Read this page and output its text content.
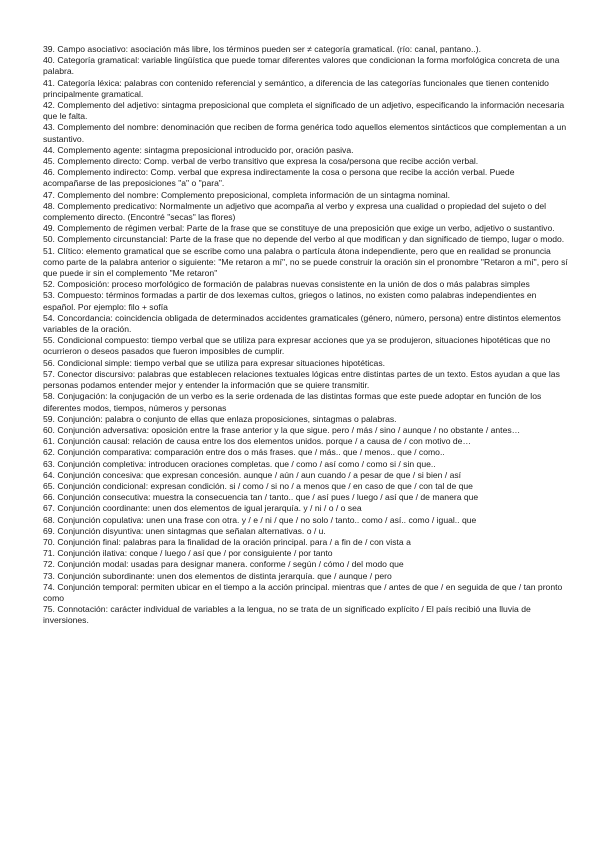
39. Campo asociativo: asociación más libre, los términos pueden ser ≠ categoría gramatical. (río: canal, pantano..).

40. Categoría gramatical: variable lingüística que puede tomar diferentes valores que condicionan la forma morfológica concreta de una palabra.

41. Categoría léxica: palabras con contenido referencial y semántico, a diferencia de las categorías funcionales que tienen contenido principalmente gramatical.

42. Complemento del adjetivo: sintagma preposicional que completa el significado de un adjetivo, especificando la información necesaria que le falta.

43. Complemento del nombre: denominación que reciben de forma genérica todo aquellos elementos sintácticos que complementan a un sustantivo.

44. Complemento agente: sintagma preposicional introducido por, oración pasiva.

45. Complemento directo: Comp. verbal de verbo transitivo que expresa la cosa/persona que recibe acción verbal.

46. Complemento indirecto: Comp. verbal que expresa indirectamente la cosa o persona que recibe la acción verbal. Puede acompañarse de las preposiciones "a" o "para".

47. Complemento del nombre: Complemento preposicional, completa información de un sintagma nominal.

48. Complemento predicativo: Normalmente un adjetivo que acompaña al verbo y expresa una cualidad o propiedad del sujeto o del complemento directo. (Encontré "secas" las flores)

49. Complemento de régimen verbal: Parte de la frase que se constituye de una preposición que exige un verbo, adjetivo o sustantivo.

50. Complemento circunstancial: Parte de la frase que no depende del verbo al que modifican y dan significado de tiempo, lugar o modo.

51. Clítico: elemento gramatical que se escribe como una palabra o partícula átona independiente, pero que en realidad se pronuncia como parte de la palabra anterior o siguiente: "Me retaron a mí", no se puede construir la oración sin el pronombre "Retaron a mí", pero sí que puede ir sin el complemento "Me retaron"

52. Composición: proceso morfológico de formación de palabras nuevas consistente en la unión de dos o más palabras simples

53. Compuesto: términos formadas a partir de dos lexemas cultos, griegos o latinos, no existen como palabras independientes en español. Por ejemplo: filo + sofía

54. Concordancia: coincidencia obligada de determinados accidentes gramaticales (género, número, persona) entre distintos elementos variables de la oración.

55. Condicional compuesto: tiempo verbal que se utiliza para expresar acciones que ya se produjeron, situaciones hipotéticas que no ocurrieron o deseos pasados que fueron imposibles de cumplir.

56. Condicional simple: tiempo verbal que se utiliza para expresar situaciones hipotéticas.

57. Conector discursivo: palabras que establecen relaciones textuales lógicas entre distintas partes de un texto. Estos ayudan a que las personas podamos entender mejor y entender la información que se quiere transmitir.

58. Conjugación: la conjugación de un verbo es la serie ordenada de las distintas formas que este puede adoptar en función de los diferentes modos, tiempos, números y personas

59. Conjunción: palabra o conjunto de ellas que enlaza proposiciones, sintagmas o palabras.

60. Conjunción adversativa: oposición entre la frase anterior y la que sigue. pero / más / sino / aunque / no obstante / antes…

61. Conjunción causal: relación de causa entre los dos elementos unidos. porque / a causa de / con motivo de…

62. Conjunción comparativa: comparación entre dos o más frases. que / más.. que / menos.. que / como..

63. Conjunción completiva: introducen oraciones completas. que / como / así como / como si / sin que..

64. Conjunción concesiva: que expresan concesión. aunque / aún / aun cuando / a pesar de que / si bien / así

65. Conjunción condicional: expresan condición. si / como / si no / a menos que / en caso de que / con tal de que

66. Conjunción consecutiva: muestra la consecuencia tan / tanto.. que / así pues / luego / así que / de manera que

67. Conjunción coordinante: unen dos elementos de igual jerarquía. y / ni / o / o sea

68. Conjunción copulativa: unen una frase con otra. y / e / ni / que / no solo / tanto.. como / así.. como / igual.. que

69. Conjunción disyuntiva: unen sintagmas que señalan alternativas. o / u.

70. Conjunción final: palabras para la finalidad de la oración principal. para / a fin de / con vista a

71. Conjunción ilativa: conque / luego / así que / por consiguiente / por tanto

72. Conjunción modal: usadas para designar manera. conforme / según / cómo / del modo que

73. Conjunción subordinante: unen dos elementos de distinta jerarquía. que / aunque / pero

74. Conjunción temporal: permiten ubicar en el tiempo a la acción principal. mientras que / antes de que / en seguida de que / tan pronto como

75. Connotación: carácter individual de variables a la lengua, no se trata de un significado explícito / El país recibió una lluvia de inversiones.
